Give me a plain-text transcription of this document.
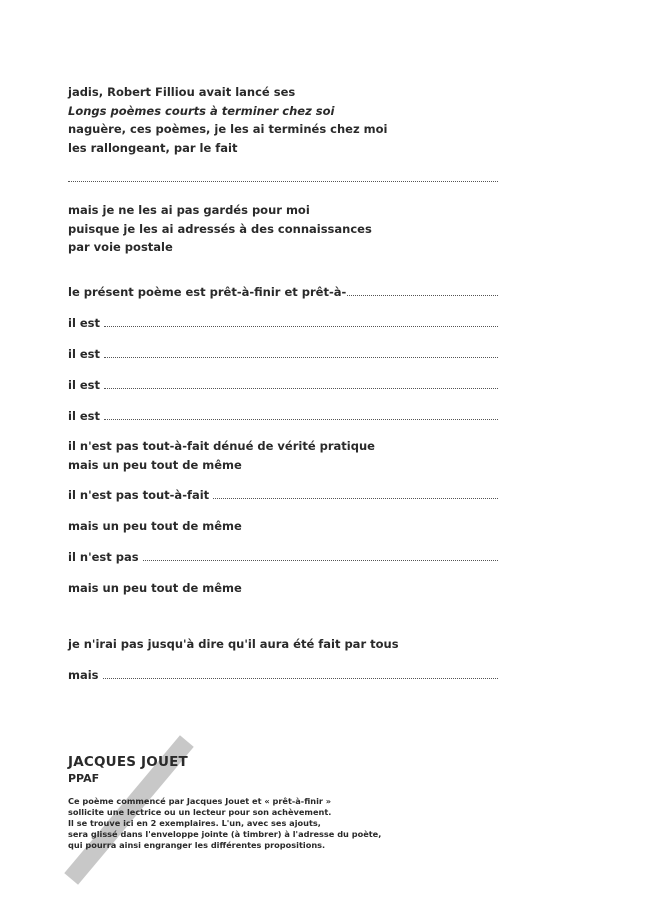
jadis, Robert Filliou avait lancé ses
Longs poèmes courts à terminer chez soi
naguère, ces poèmes, je les ai terminés chez moi
les rallongeant, par le fait
mais je ne les ai pas gardés pour moi
puisque je les ai adressés à des connaissances
par voie postale
le présent poème est prêt-à-finir et prêt-à-
il est
il est
il est
il est
il n'est pas tout-à-fait dénué de vérité pratique
mais un peu tout de même
il n'est pas tout-à-fait
mais un peu tout de même
il n'est pas
mais un peu tout de même
je n'irai pas jusqu'à dire qu'il aura été fait par tous
mais
JACQUES JOUET
PPAF
Ce poème commencé par Jacques Jouet et « prêt-à-finir »
sollicite une lectrice ou un lecteur pour son achèvement.
Il se trouve ici en 2 exemplaires. L'un, avec ses ajouts,
sera glissé dans l'enveloppe jointe (à timbrer) à l'adresse du poète,
qui pourra ainsi engranger les différentes propositions.
